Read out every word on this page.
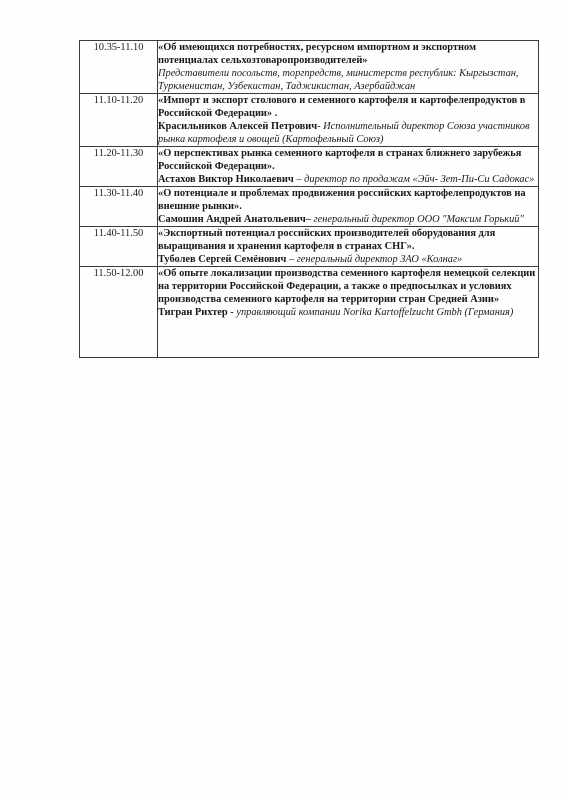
10.35-11.10	«Об имеющихся потребностях, ресурсном импортном и экспортном потенциалах сельхозтоваропроизводителей»
Представители посольств, торгпредств, министерств республик: Кыргызстан, Туркменистан, Узбекистан, Таджикистан, Азербайджан

11.10-11.20	«Импорт и экспорт столового и семенного картофеля и картофелепродуктов в Российской Федерации» .
Красильников Алексей Петрович- Исполнительный директор Союза участников рынка картофеля и овощей (Картофельный Союз)

11.20-11.30	«О перспективах рынка семенного картофеля в странах ближнего зарубежья Российской Федерации».
Астахов Виктор Николаевич – директор по продажам «Эйч- Зет-Пи-Си Садокас»

11.30-11.40	«О потенциале и проблемах продвижения российских картофелепродуктов на внешние рынки».
Самошин Андрей Анатольевич– генеральный директор ООО "Максим Горький"

11.40-11.50	«Экспортный потенциал российских производителей оборудования для выращивания и хранения картофеля в странах СНГ».
Туболев Сергей Семёнович – генеральный директор ЗАО «Колнаг»

11.50-12.00	«Об опыте локализации производства семенного картофеля немецкой селекции на территории Российской Федерации, а также о предпосылках и условиях производства семенного картофеля на территории стран Средней Азии»
Тигран Рихтер - управляющий компании Norika Kartoffelzucht Gmbh (Германия)
